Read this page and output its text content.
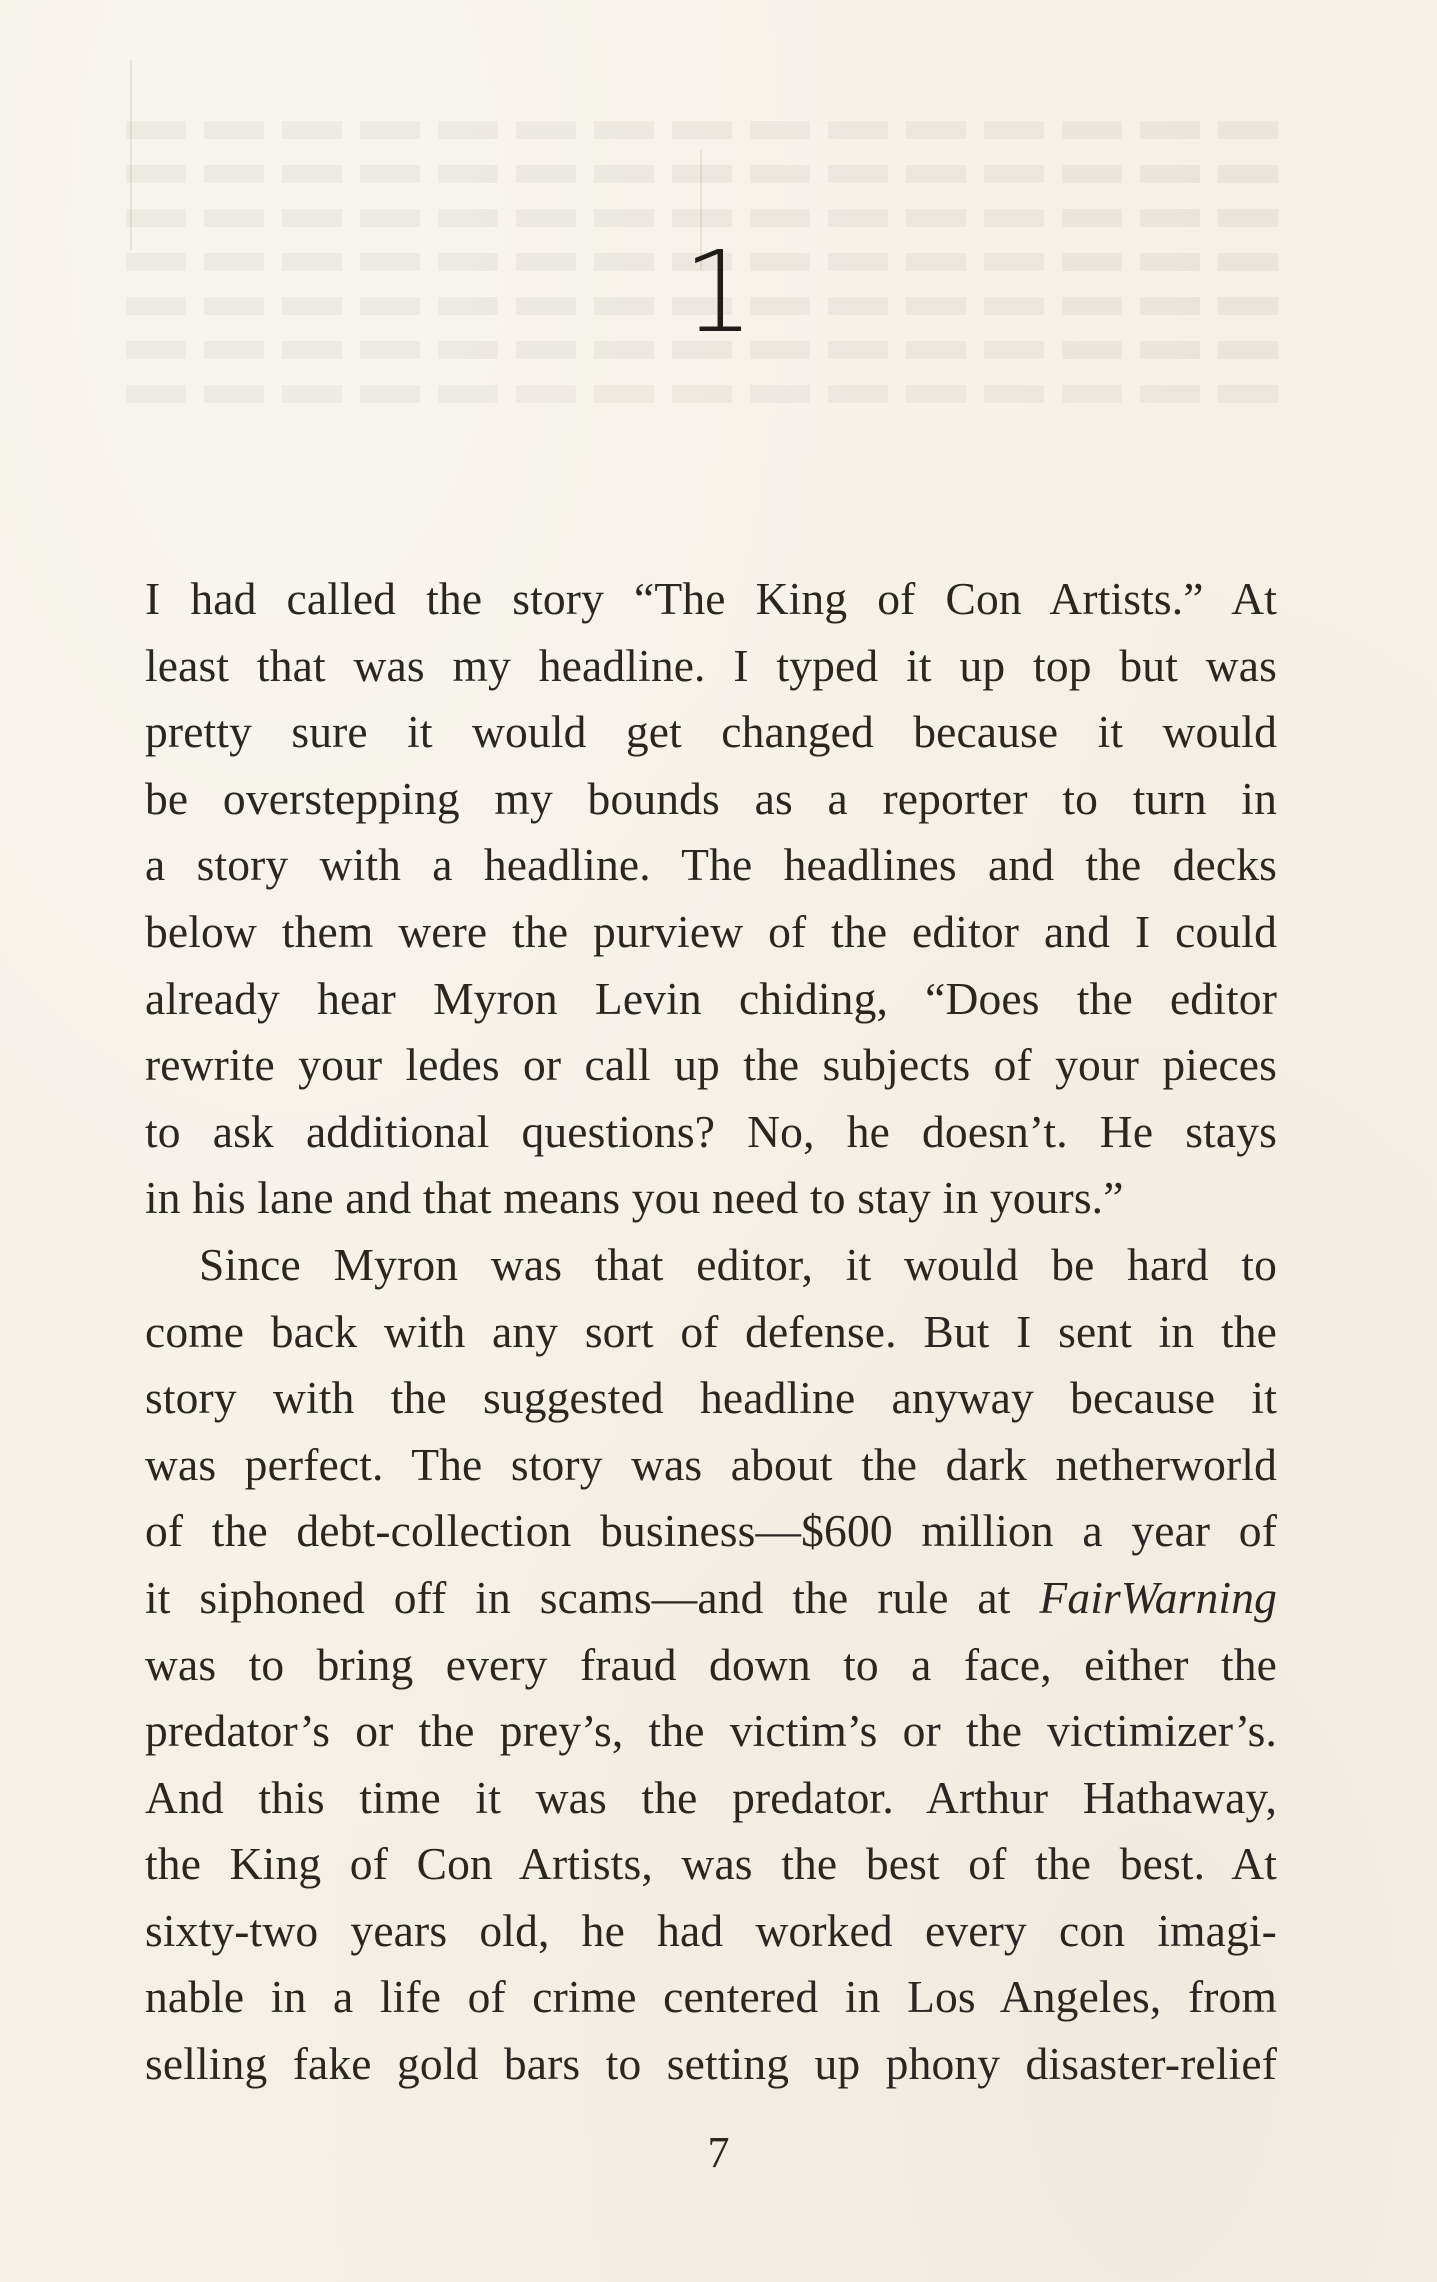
1
I had called the story “The King of Con Artists.” At
least that was my headline. I typed it up top but was
pretty sure it would get changed because it would
be overstepping my bounds as a reporter to turn in
a story with a headline. The headlines and the decks
below them were the purview of the editor and I could
already hear Myron Levin chiding, “Does the editor
rewrite your ledes or call up the subjects of your pieces
to ask additional questions? No, he doesn’t. He stays
in his lane and that means you need to stay in yours.”
Since Myron was that editor, it would be hard to
come back with any sort of defense. But I sent in the
story with the suggested headline anyway because it
was perfect. The story was about the dark netherworld
of the debt-collection business—$600 million a year of
it siphoned off in scams—and the rule at FairWarning
was to bring every fraud down to a face, either the
predator’s or the prey’s, the victim’s or the victimizer’s.
And this time it was the predator. Arthur Hathaway,
the King of Con Artists, was the best of the best. At
sixty-two years old, he had worked every con imagi-
nable in a life of crime centered in Los Angeles, from
selling fake gold bars to setting up phony disaster-relief
7
